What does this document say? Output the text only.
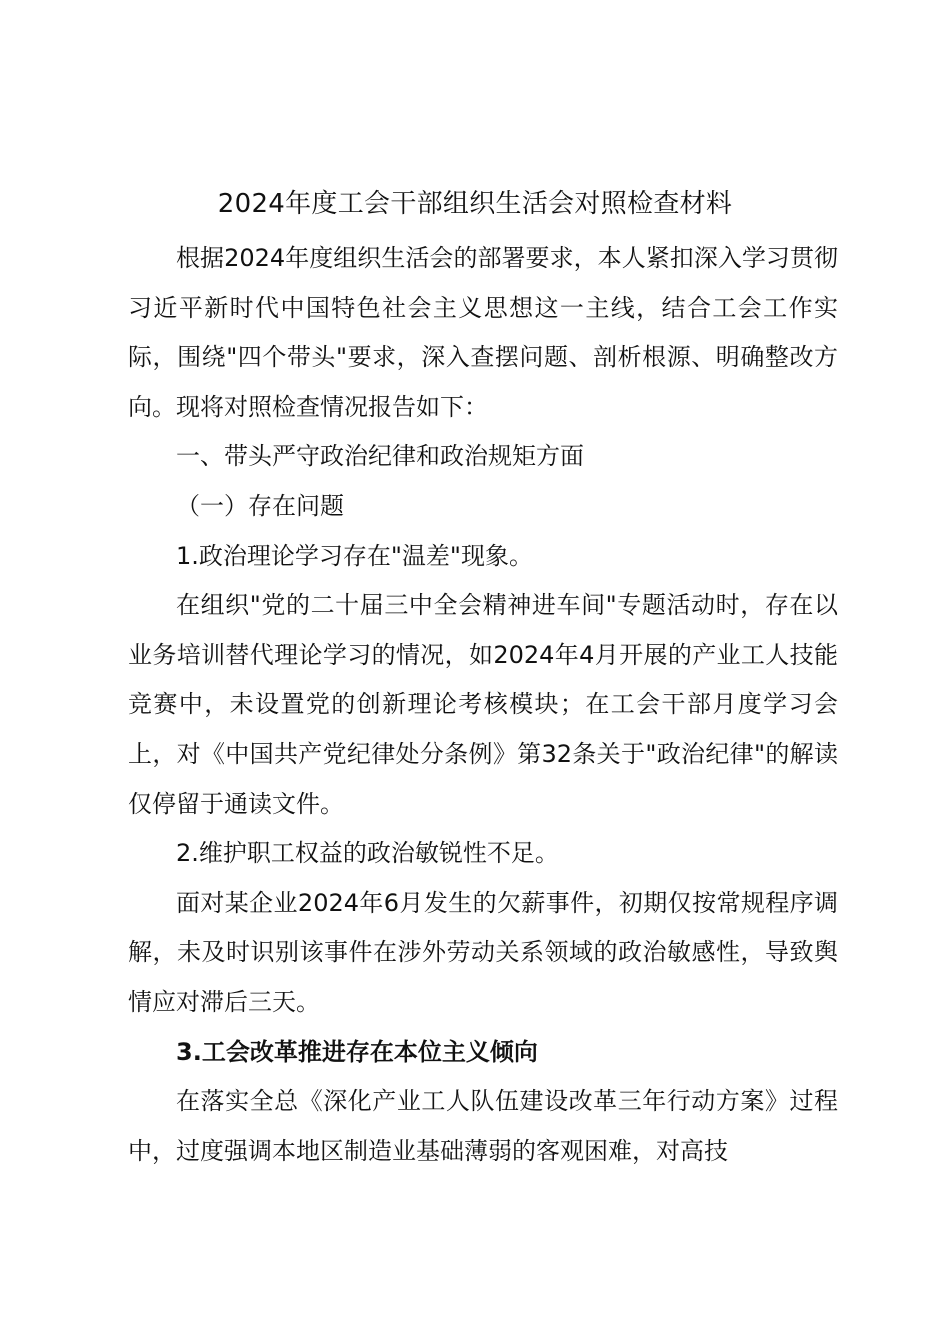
2024年度工会干部组织生活会对照检查材料

根据2024年度组织生活会的部署要求，本人紧扣深入学习贯彻习近平新时代中国特色社会主义思想这一主线，结合工会工作实际，围绕"四个带头"要求，深入查摆问题、剖析根源、明确整改方向。现将对照检查情况报告如下：

一、带头严守政治纪律和政治规矩方面

（一）存在问题

1.政治理论学习存在"温差"现象。

在组织"党的二十届三中全会精神进车间"专题活动时，存在以业务培训替代理论学习的情况，如2024年4月开展的产业工人技能竞赛中，未设置党的创新理论考核模块；在工会干部月度学习会上，对《中国共产党纪律处分条例》第32条关于"政治纪律"的解读仅停留于通读文件。

2.维护职工权益的政治敏锐性不足。

面对某企业2024年6月发生的欠薪事件，初期仅按常规程序调解，未及时识别该事件在涉外劳动关系领域的政治敏感性，导致舆情应对滞后三天。

3.工会改革推进存在本位主义倾向

在落实全总《深化产业工人队伍建设改革三年行动方案》过程中，过度强调本地区制造业基础薄弱的客观困难，对高技
